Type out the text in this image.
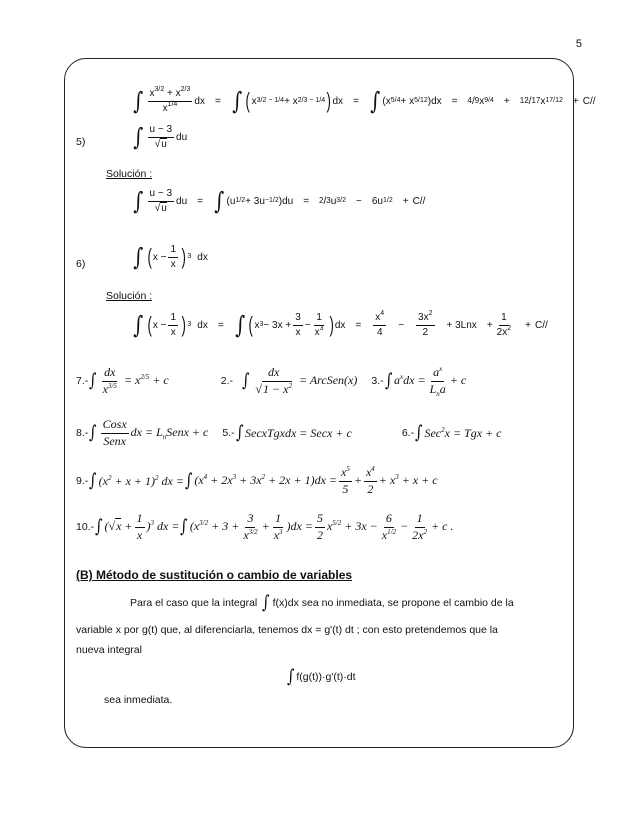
5
∫ $\frac{x^{3/2} + x^{2/3}}{x^{1/4}}$ dx = ∫ ( x 3/2 − 1/4 + x 2/3 − 1/4 ) dx = ∫ (x 5/4 + x 5/12 ) dx = 4 / 9 x 9/4 + 12 / 17 x 17/12 + C//
5) ∫ $\frac{u - 3}{√u}$ du
Solución :
∫ $\frac{u - 3}{√u}$ du = ∫ (u 1/2 + 3u −1/2 )du
= 2 / 3 u 3/2 − 6u 1/2 + C//
6) ∫ ( $x - \frac{1}{x}$ ) 3 dx
Solución :
∫ ( $x - \frac{1}{x}$ ) 3 dx = ∫ ( x $3 - 3x + \frac{3}{x} - \frac{1}{x^3}$ ) dx
= $\frac{x^4}{4} - \frac{3x^2}{2} + 3Lnx + \frac{1}{2x^2} + C//$
7.- ∫ $\frac{dx}{x^{3/5}} = x^{2/5} + c$	2.- ∫ $\frac{dx}{√1 - x^2}$ = ArcSen(x) 3.- ∫ $a^xdx = \frac{a^x}{L_na} + c$
8.- ∫ $\frac{\text{Cosx}}{\text{Senx}}$ dx = $L_nSenx + c$ 5.- ∫ SecxTgxdx = Secx + c	6.- ∫ Sec$^2$x = Tgx + c
9.- ∫ $(x^2 + x + 1)^2$ dx = ∫ $(x^4 + 2x^3 + 3x^2 + 2x + 1)dx = \frac{x^5}{5} + \frac{x^4}{2} + x^3 + x + c$
10.- ∫ $(√x + \frac{1}{x} )^3$ dx = ∫ $(x^{3/2} + 3 + \frac{3}{x^{3/2}} + \frac{1}{x^3} )dx = \frac{5}{2} x^{5/2} + 3x - \frac{6}{x^{1/2}} - \frac{1}{2x^2} + c$ .
(B) Método de sustitución o cambio de variables
Para el caso que la integral ∫ f(x)dx sea no inmediata, se propone el cambio de la
variable x por g(t) que, al diferenciarla, tenemos dx = g'(t) dt ; con esto pretendemos que la
nueva integral
∫ f(g(t))·g'(t)·dt
sea inmediata.
